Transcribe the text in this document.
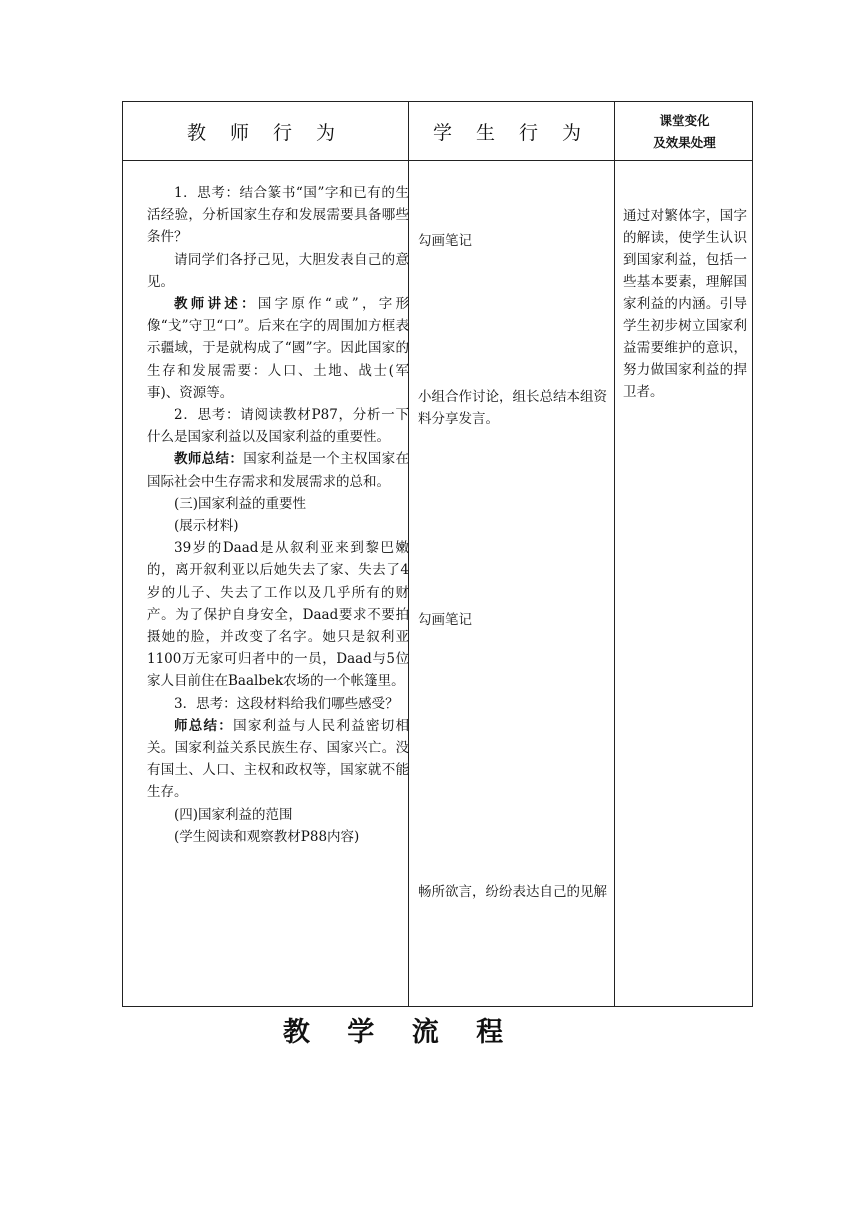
教 师 行 为	学 生 行 为
课堂变化
及效果处理

1．思考：结合篆书“国”字和已有的生活经验，分析国家生存和发展需要具备哪些条件？

请同学们各抒己见，大胆发表自己的意见。

教师讲述：国字原作“或”，字形像“戈”守卫“口”。后来在字的周围加方框表示疆域，于是就构成了“國”字。因此国家的生存和发展需要：人口、土地、战士(军事)、资源等。

2．思考：请阅读教材P87，分析一下什么是国家利益以及国家利益的重要性。

教师总结：国家利益是一个主权国家在国际社会中生存需求和发展需求的总和。

(三)国家利益的重要性

(展示材料)

39岁的Daad是从叙利亚来到黎巴嫩的，离开叙利亚以后她失去了家、失去了4岁的儿子、失去了工作以及几乎所有的财产。为了保护自身安全，Daad要求不要拍摄她的脸，并改变了名字。她只是叙利亚1100万无家可归者中的一员，Daad与5位家人目前住在Baalbek农场的一个帐篷里。

3．思考：这段材料给我们哪些感受？

师总结：国家利益与人民利益密切相关。国家利益关系民族生存、国家兴亡。没有国土、人口、主权和政权等，国家就不能生存。

(四)国家利益的范围

(学生阅读和观察教材P88内容)

勾画笔记
小组合作讨论，组长总结本组资料分享发言。
勾画笔记
畅所欲言，纷纷表达自己的见解
通过对繁体字，国字的解读，使学生认识到国家利益，包括一些基本要素，理解国家利益的内涵。引导学生初步树立国家利益需要维护的意识，努力做国家利益的捍卫者。
教 学 流 程
